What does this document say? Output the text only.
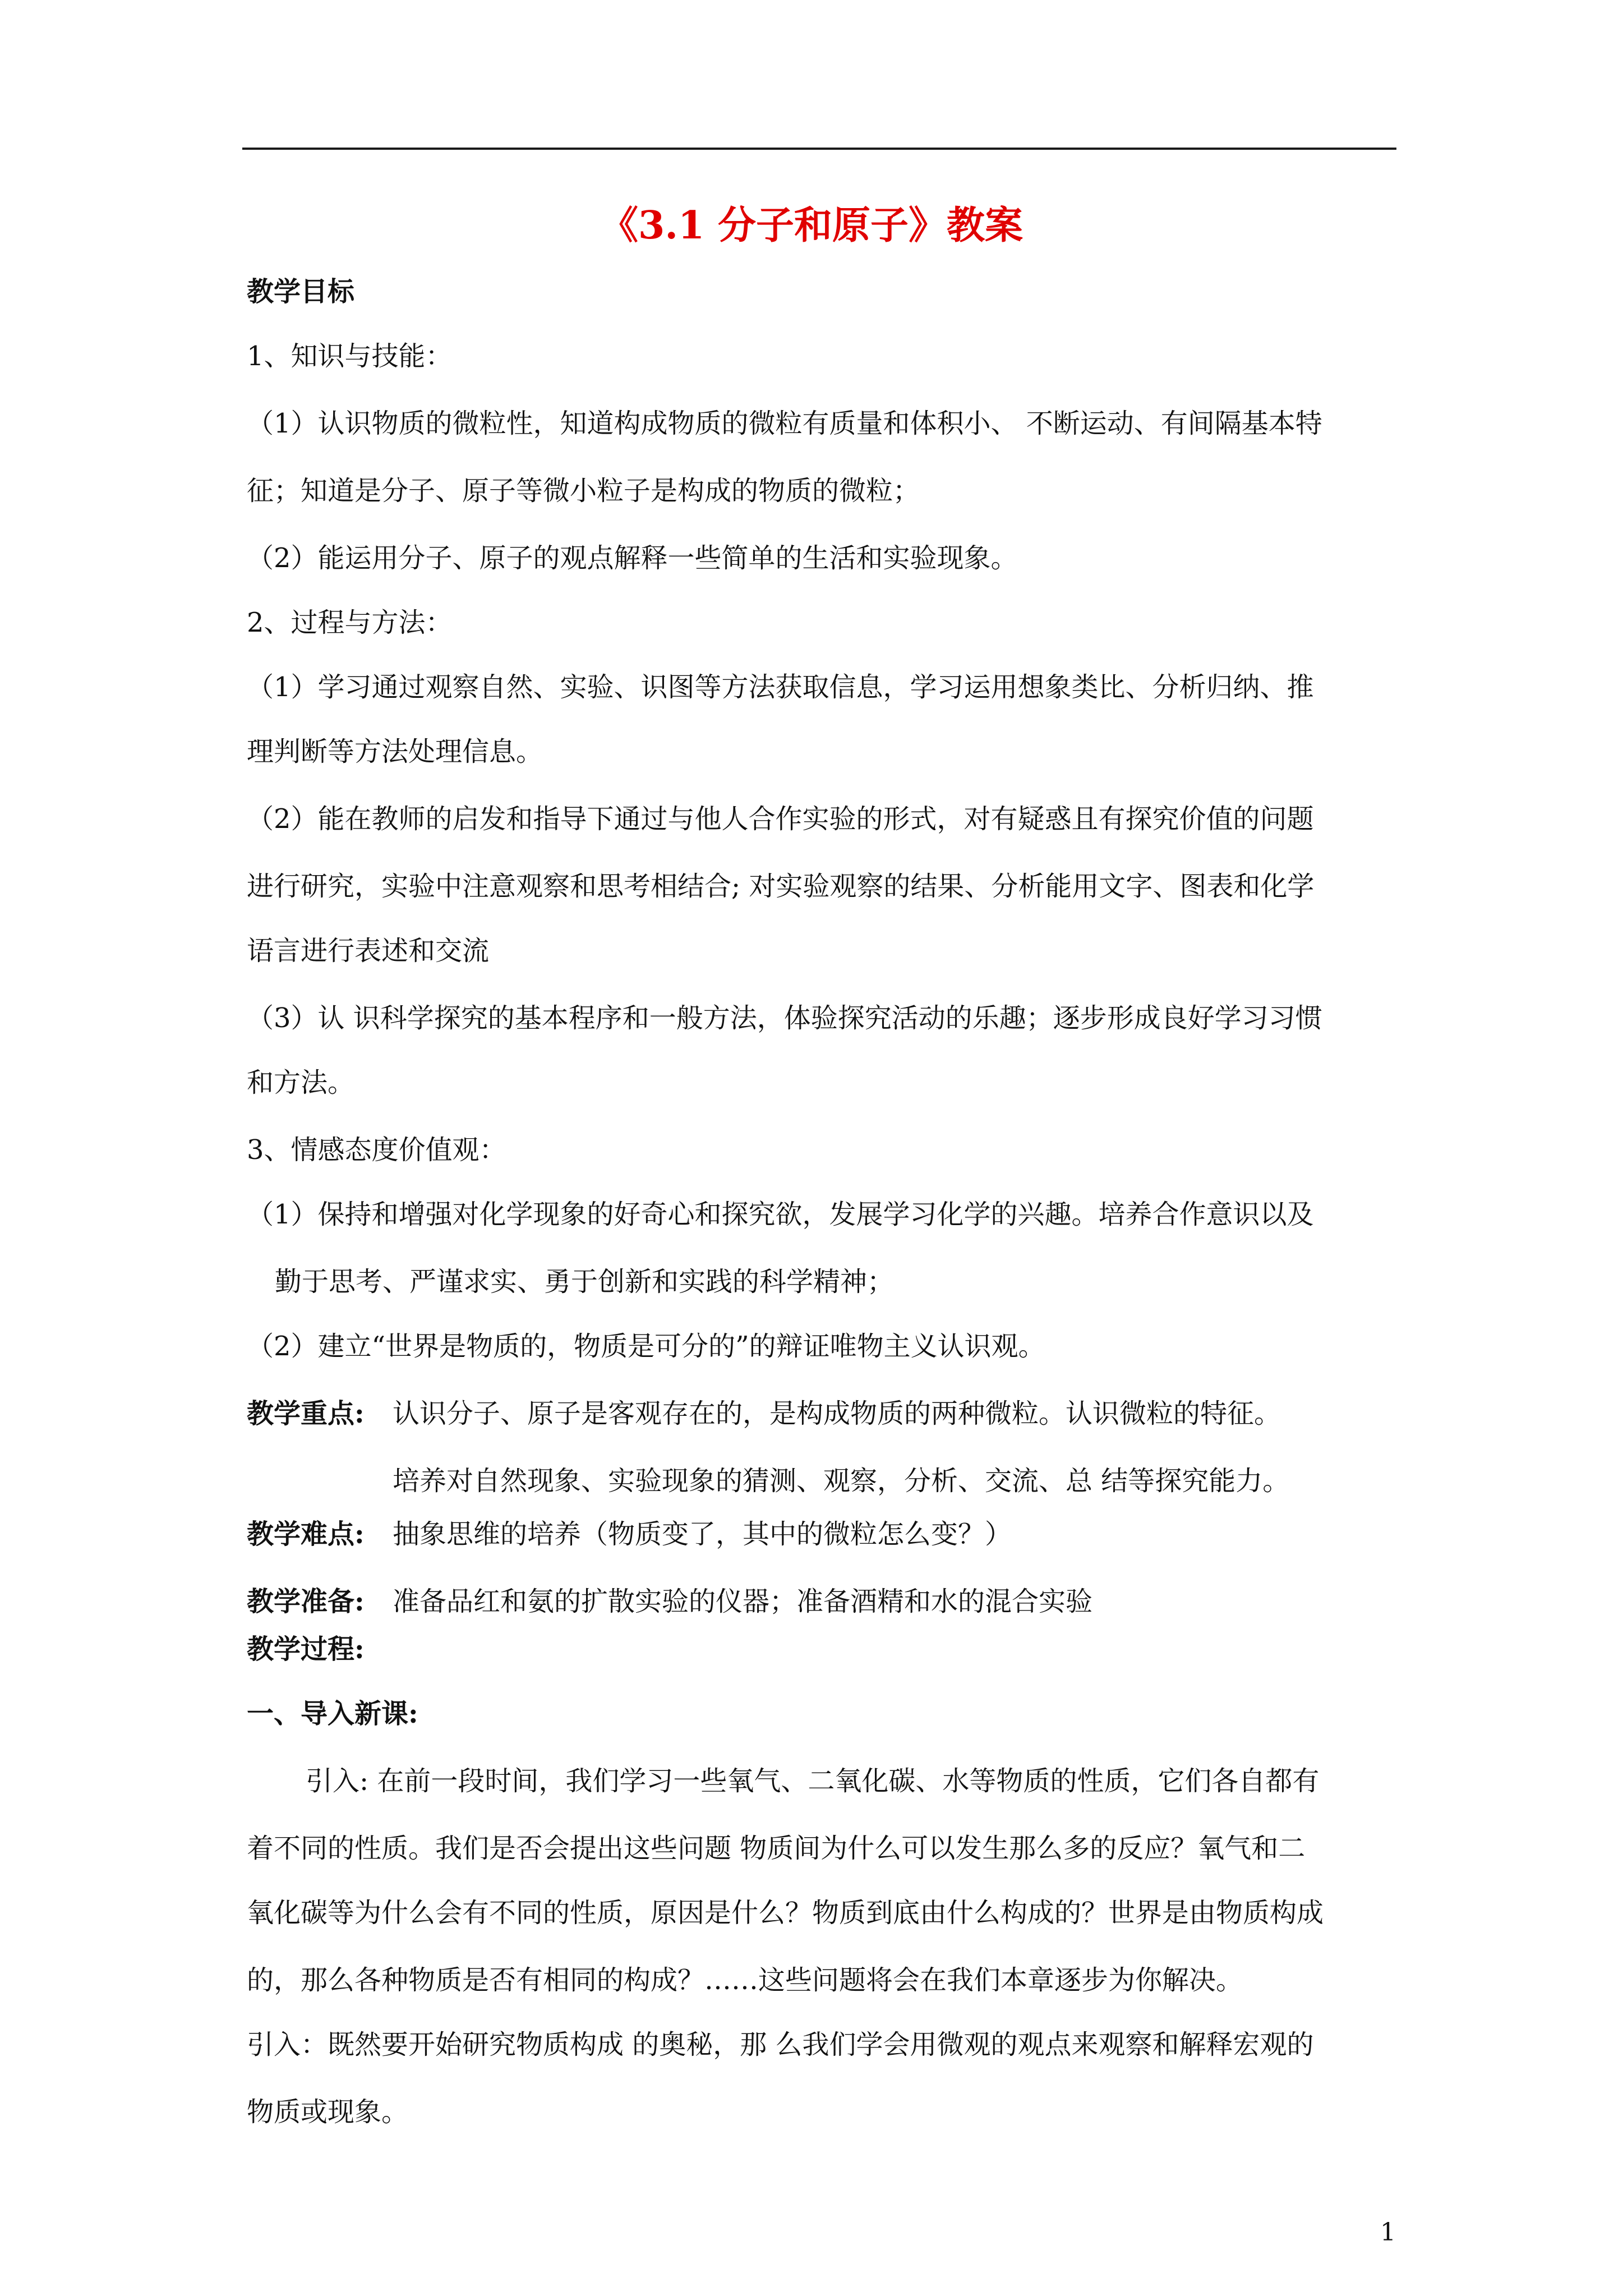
《3.1 分子和原子》教案
教学目标
1、知识与技能：
（1）认识物质的微粒性，知道构成物质的微粒有质量和体积小、 不断运动、有间隔基本特
征；知道是分子、原子等微小粒子是构成的物质的微粒；
（2）能运用分子、原子的观点解释一些简单的生活和实验现象。
2、过程与方法：
（1）学习通过观察自然、实验、识图等方法获取信息，学习运用想象类比、分析归纳、推
理判断等方法处理信息。
（2）能在教师的启发和指导下通过与他人合作实验的形式，对有疑惑且有探究价值的问题
进行研究，实验中注意观察和思考相结合; 对实验观察的结果、分析能用文字、图表和化学
语言进行表述和交流
（3）认 识科学探究的基本程序和一般方法，体验探究活动的乐趣；逐步形成良好学习习惯
和方法。
3、情感态度价值观：
（1）保持和增强对化学现象的好奇心和探究欲，发展学习化学的兴趣。培养合作意识以及
勤于思考、严谨求实、勇于创新和实践的科学精神；
（2）建立“世界是物质的，物质是可分的”的辩证唯物主义认识观。
教学重点:	认识分子、原子是客观存在的，是构成物质的两种微粒。认识微粒的特征。
培养对自然现象、实验现象的猜测、观察，分析、交流、总 结等探究能力。
教学难点:	抽象思维的培养（物质变了，其中的微粒怎么变？）
教学准备:	准备品红和氨的扩散实验的仪器；准备酒精和水的混合实验
教学过程:
一、导入新课:
引入: 在前一段时间，我们学习一些氧气、二氧化碳、水等物质的性质，它们各自都有
着不同的性质。我们是否会提出这些问题 物质间为什么可以发生那么多的反应？氧气和二
氧化碳等为什么会有不同的性质，原因是什么？物质到底由什么构成的？世界是由物质构成
的，那么各种物质是否有相同的构成？……这些问题将会在我们本章逐步为你解决。
引入：既然要开始研究物质构成 的奥秘，那 么我们学会用微观的观点来观察和解释宏观的
物质或现象。
1
